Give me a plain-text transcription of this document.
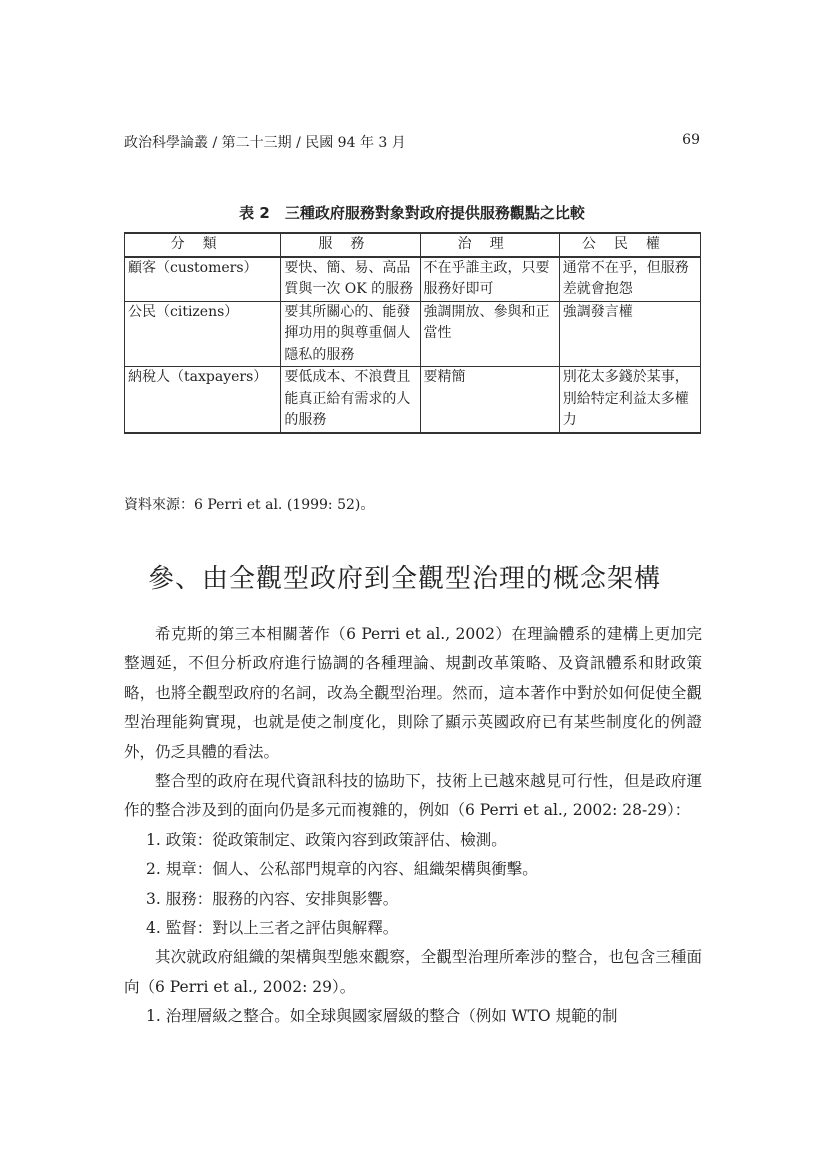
政治科學論叢 / 第二十三期 / 民國 94 年 3 月	69
表 2　三種政府服務對象對政府提供服務觀點之比較
分類	服務	治理	公民權
顧客（customers）	要快、簡、易、高品質與一次 OK 的服務	不在乎誰主政，只要服務好即可	通常不在乎，但服務差就會抱怨
公民（citizens）	要其所關心的、能發揮功用的與尊重個人隱私的服務	強調開放、參與和正當性	強調發言權
納稅人（taxpayers）	要低成本、不浪費且能真正給有需求的人的服務	要精簡	別花太多錢於某事，別給特定利益太多權力
資料來源：6 Perri et al. (1999: 52)。
參、由全觀型政府到全觀型治理的概念架構

希克斯的第三本相關著作（6 Perri et al., 2002）在理論體系的建構上更加完整週延，不但分析政府進行協調的各種理論、規劃改革策略、及資訊體系和財政策略，也將全觀型政府的名詞，改為全觀型治理。然而，這本著作中對於如何促使全觀型治理能夠實現，也就是使之制度化，則除了顯示英國政府已有某些制度化的例證外，仍乏具體的看法。

整合型的政府在現代資訊科技的協助下，技術上已越來越見可行性，但是政府運作的整合涉及到的面向仍是多元而複雜的，例如（6 Perri et al., 2002: 28-29）：

1. 政策：從政策制定、政策內容到政策評估、檢測。

2. 規章：個人、公私部門規章的內容、組織架構與衝擊。

3. 服務：服務的內容、安排與影響。

4. 監督：對以上三者之評估與解釋。

其次就政府組織的架構與型態來觀察，全觀型治理所牽涉的整合，也包含三種面向（6 Perri et al., 2002: 29）。

1. 治理層級之整合。如全球與國家層級的整合（例如 WTO 規範的制
